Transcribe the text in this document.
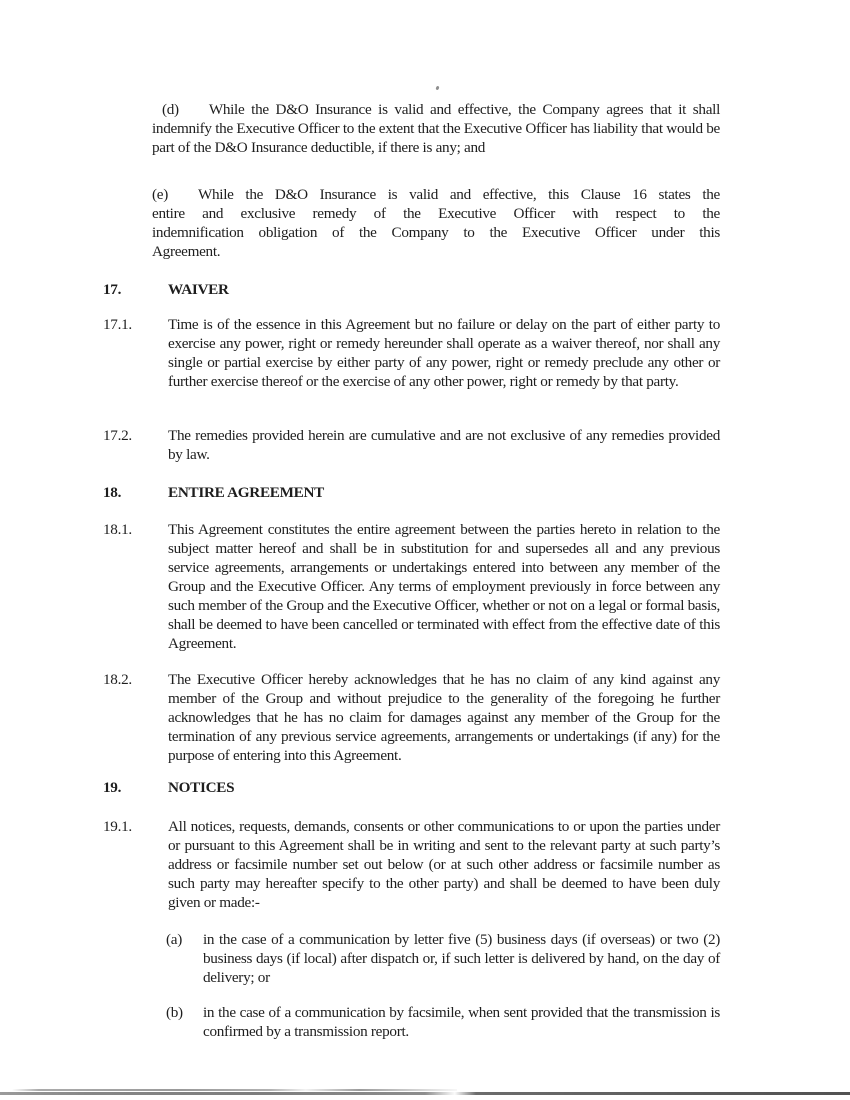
(d) While the D&O Insurance is valid and effective, the Company agrees that it shall indemnify the Executive Officer to the extent that the Executive Officer has liability that would be part of the D&O Insurance deductible, if there is any; and
(e) While the D&O Insurance is valid and effective, this Clause 16 states the entire and exclusive remedy of the Executive Officer with respect to the indemnification obligation of the Company to the Executive Officer under this Agreement.
17.	WAIVER
17.1. Time is of the essence in this Agreement but no failure or delay on the part of either party to exercise any power, right or remedy hereunder shall operate as a waiver thereof, nor shall any single or partial exercise by either party of any power, right or remedy preclude any other or further exercise thereof or the exercise of any other power, right or remedy by that party.
17.2. The remedies provided herein are cumulative and are not exclusive of any remedies provided by law.
18.	ENTIRE AGREEMENT
18.1. This Agreement constitutes the entire agreement between the parties hereto in relation to the subject matter hereof and shall be in substitution for and supersedes all and any previous service agreements, arrangements or undertakings entered into between any member of the Group and the Executive Officer. Any terms of employment previously in force between any such member of the Group and the Executive Officer, whether or not on a legal or formal basis, shall be deemed to have been cancelled or terminated with effect from the effective date of this Agreement.
18.2. The Executive Officer hereby acknowledges that he has no claim of any kind against any member of the Group and without prejudice to the generality of the foregoing he further acknowledges that he has no claim for damages against any member of the Group for the termination of any previous service agreements, arrangements or undertakings (if any) for the purpose of entering into this Agreement.
19.	NOTICES
19.1. All notices, requests, demands, consents or other communications to or upon the parties under or pursuant to this Agreement shall be in writing and sent to the relevant party at such party’s address or facsimile number set out below (or at such other address or facsimile number as such party may hereafter specify to the other party) and shall be deemed to have been duly given or made:-
(a) in the case of a communication by letter five (5) business days (if overseas) or two (2) business days (if local) after dispatch or, if such letter is delivered by hand, on the day of delivery; or
(b) in the case of a communication by facsimile, when sent provided that the transmission is confirmed by a transmission report.
